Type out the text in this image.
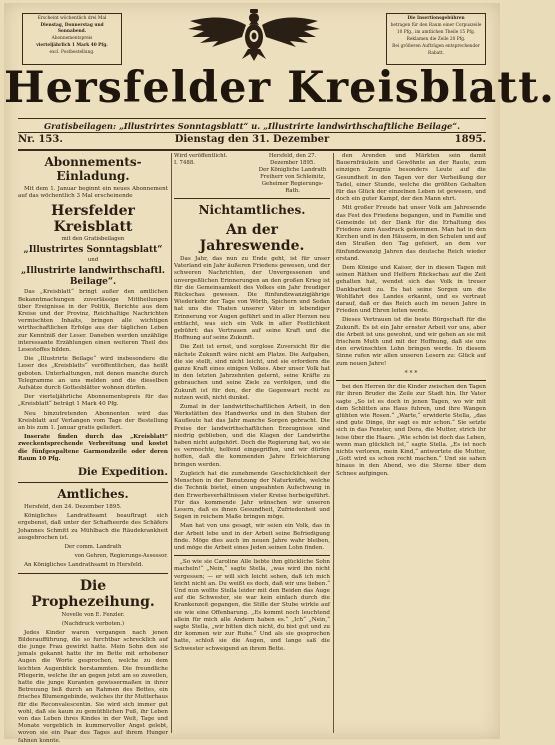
Erscheint wöchentlich drei Mal

Dienstag, Donnerstag und Sonnabend.

Abonnementspreis

vierteljährlich 1 Mark 40 Pfg.

excl. Postbestellung.

Die Insertionsgebühren

betragen für den Raum einer Corpuszeile

10 Pfg., im amtlichen Theile 15 Pfg.

Reklamen die Zeile 20 Pfg.

Bei größeren Aufträgen entsprechender

Rabatt.

Hersfelder Kreisblatt.
Gratisbeilagen: „Illustrirtes Sonntagsblatt“ u. „Illustrirte landwirthschaftliche Beilage“.
Nr. 153.	Dienstag den 31. Dezember	1895.
Abonnements-Einladung.

Mit dem 1. Januar beginnt ein neues Abonnement auf das wöchentlich 3 Mal erscheinende

Hersfelder Kreisblatt
mit den Gratisbeilagen
„Illustrirtes Sonntagsblatt“
und
„Illustrirte landwirthschaftl. Beilage“.

Das „Kreisblatt“ bringt außer den amtlichen Bekanntmachungen zuverlässige Mittheilungen über Ereignisse in der Politik, Berichte aus dem Kreise und der Provinz, Reichhaltige Nachrichten vermischten Inhalts, bringen alle wichtigen wirthschaftlichen Erfolge aus der täglichen Leben zur Kenntniß der Leser. Daneben werden unzählige interessante Erzählungen einen weiteren Theil des Lesestoffes bilden.

Die „Illustrirte Beilage“ wird insbesondere die Leser des „Kreisblatts“ veröffentlichen, das heißt geboten. Unterhaltungen, mit denen manche durch Telegramme an uns melden und die dieselben Aufsätze durch Gottesblätter wohnen dürfen.

Der vierteljährliche Abonnementspreis für das „Kreisblatt“ beträgt 1 Mark 40 Pfg.

Neu hinzutretenden Abonnenten wird das Kreisblatt auf Verlangen vom Tage der Bestellung an bis zum 1. Januar gratis geliefert.

Inserate finden durch das „Kreisblatt“ zweckentsprechende Verbreitung und kostet die fünfgespaltene Garmondzeile oder deren Raum 10 Pfg.

Die Expedition.
Amtliches.

Hersfeld, den 24. Dezember 1895.

Königliches Landrathsamt beauftragt sich ergebenst, daß unter der Schafheerde des Schäfers Johannes Schmitt zu Mühlbach die Räudekrankheit ausgebrochen ist.

Der comm. Landrath
von Gehren, Regierungs-Assessor.

An Königliches Landrathsamt in Hersfeld.

Die Prophezeihung.
Novelle von E. Fenzler.
(Nachdruck verboten.)

Jedes Kinder waren vergangen nach jenen Bilderaufführung, die so furchtbar schrecklich auf die junge Frau gewirkt hatte. Mein Sohn den sie jemals gekannt hatte ihr im Bette mit erhobener Augen die Worte gesprochen, welche zu dem leichten Augenblick herstammten. Die freundliche Pflegerin, welche ihr an gegen jetzt am so zuweilen, hatte die junge Kuranten gewissermaßen in ihrer Betreuung ließ durch an Rahmen des Bettes, ein frisches Blumengebinde, welches ihr ihr Mutterhaus für die Reconvalescentin. Sie wird sich immer gut wohl, daß sie kaum zu gemüthlichen Fuß, ihr Leben von das Leben ihres Kindes in der Welt, Tage und Monate vergeblich in kummervoller Angst gelebt, wovon sie ein Paar des Tages auf ihrem Hunger fahnen konnte.

Wird veröffentlicht.
I. 7488.
Hersfeld, den 27. Dezember 1895.
Der Königliche Landrath
Freiherr von Schleinitz,
Geheimer Regierungs-Rath.
Nichtamtliches.
An der Jahreswende.

Das Jahr, das nun zu Ende geht, ist für unser Vaterland ein Jahr äußeren Friedens gewesen, und der schweren Nachrichten, der Unvergessenen und unvergeßlichen Erinnerungen an den großen Krieg ist für die Gemeinsamkeit des Volkes ein Jahr freudiger Rückschau gewesen. Die fünfundzwanzigjährige Wiederkehr der Tage von Wörth, Spichern und Sedan hat uns die Thaten unserer Väter in lebendiger Erinnerung vor Augen geführt und in aller Herzen neu entfacht, was sich ein Volk in aller Festlichkeit gebührt: das Vertrauen auf seine Kraft und die Hoffnung auf seine Zukunft.

Die Zeit ist ernst, und sorglose Zuversicht für die nächste Zukunft wäre nicht am Platze. Die Aufgaben, die sie stellt, sind nicht leicht, und sie erfordern die ganze Kraft eines einigen Volkes. Aber unser Volk hat in den letzten Jahrzehnten gelernt, seine Kräfte zu gebrauchen und seine Ziele zu verfolgen, und die Zukunft ist für den, der die Gegenwart recht zu nutzen weiß, nicht dunkel.

Zumal in der landwirthschaftlichen Arbeit, in den Werkstätten des Handwerks und in den Stuben der Kaufleute hat das Jahr manche Sorgen gebracht. Die Preise der landwirthschaftlichen Erzeugnisse sind niedrig geblieben, und die Klagen der Landwirthe haben nicht aufgehört. Doch die Regierung hat, wo sie es vermochte, helfend eingegriffen, und wir dürfen hoffen, daß die kommenden Jahre Erleichterung bringen werden.

Zugleich hat die zunehmende Geschicklichkeit der Menschen in der Benutzung der Naturkräfte, welche die Technik bietet, einen ungeahnten Aufschwung in den Erwerbsverhältnissen vieler Kreise herbeigeführt. Für das kommende Jahr wünschen wir unseren Lesern, daß es ihnen Gesundheit, Zufriedenheit und Segen in reichem Maße bringen möge.

Man hat von uns gesagt, wir seien ein Volk, das in der Arbeit lebe und in der Arbeit seine Befriedigung finde. Möge dies auch im neuen Jahre wahr bleiben, und möge die Arbeit eines Jeden seinen Lohn finden.

„So wie sie Caroline Alle liebte ihm glückliche Sohn macheln!“ „Nein,“ sagte Stella, „was wird ihn nicht vergessen; — er will sich leicht sehen, daß ich mich leicht nicht an. Du weißt es doch, daß wir uns lieben.“ Und nun wollte Stella leider mit den Beiden das Auge auf die Schwester, sie war kein einfach durch die Krankenzeit gegangen, die Stille der Stube wirkte auf sie wie eine Offenbarung. „Es kommt noch leuchtend allein für mich alle Andern haben es.“ „Ich“ „Nein,“ sagte Stella, „wir bitten dich nicht, du bist gut und zu dir kommen wir zur Ruhe.“ Und als sie gesprochen hatte, schloß sie die Augen, und lange saß die Schwester schweigend an ihrem Bette.

den Arenden und Märkten sein damit Bauernfräulein und Gewöhnte an der Raute, zum einzigen Zeugnis besonders Leute auf die Gesundheit in den Tagen vor der Verheißung der Tadel, einer Stunde, welche die größten Gehalten für das Glück der einzelnen Leben ist gewesen, und doch ein guter Kampf, der den Mann ehrt.

Mit großer Freude hat unser Volk am Jahresende das Fest des Friedens begangen, und in Familie und Gemeinde ist der Dank für die Erhaltung des Friedens zum Ausdruck gekommen. Man hat in den Kirchen und in den Häusern, in den Schulen und auf den Straßen den Tag gefeiert, an dem vor fünfundzwanzig Jahren das deutsche Reich wieder erstand.

Dem Könige und Kaiser, der in diesen Tagen mit seinen Räthen und Helfern Rückschau auf die Zeit gehalten hat, wendet sich das Volk in treuer Dankbarkeit zu. Es hat seine Sorgen um die Wohlfahrt des Landes erkannt, und es vertraut darauf, daß er das Reich auch im neuen Jahre in Frieden und Ehren leiten werde.

Dieses Vertrauen ist die beste Bürgschaft für die Zukunft. Es ist ein Jahr ernster Arbeit vor uns, aber die Arbeit ist uns gewohnt, und wir gehen an sie mit frischem Muth und mit der Hoffnung, daß sie uns den erwünschten Lohn bringen werde. In diesem Sinne rufen wir allen unseren Lesern zu: Glück auf zum neuen Jahre!

* * *

bei den Herren ihr die Kinder zwischen den Tagen für ihren Bruder die Zeile zur Stadt hin. Ihr Vater sagte „So ist es doch in jenen Tagen, wo wir mit dem Schlitten ans Haus fuhren, und ihre Wangen glühten wie Rosen.“ „Warte,“ erwiderte Stella, „das sind gute Dinge, ihr sagt es mir schon.“ Sie setzte sich in das Fenster, und Dora, die Mutter, strich ihr leise über die Haare. „Wie schön ist doch das Leben, wenn man glücklich ist,“ sagte Stella. „Es ist noch nichts verloren, mein Kind,“ antwortete die Mutter, „Gott wird es schon recht machen.“ Und sie sahen hinaus in den Abend, wo die Sterne über dem Schnee aufgingen.
